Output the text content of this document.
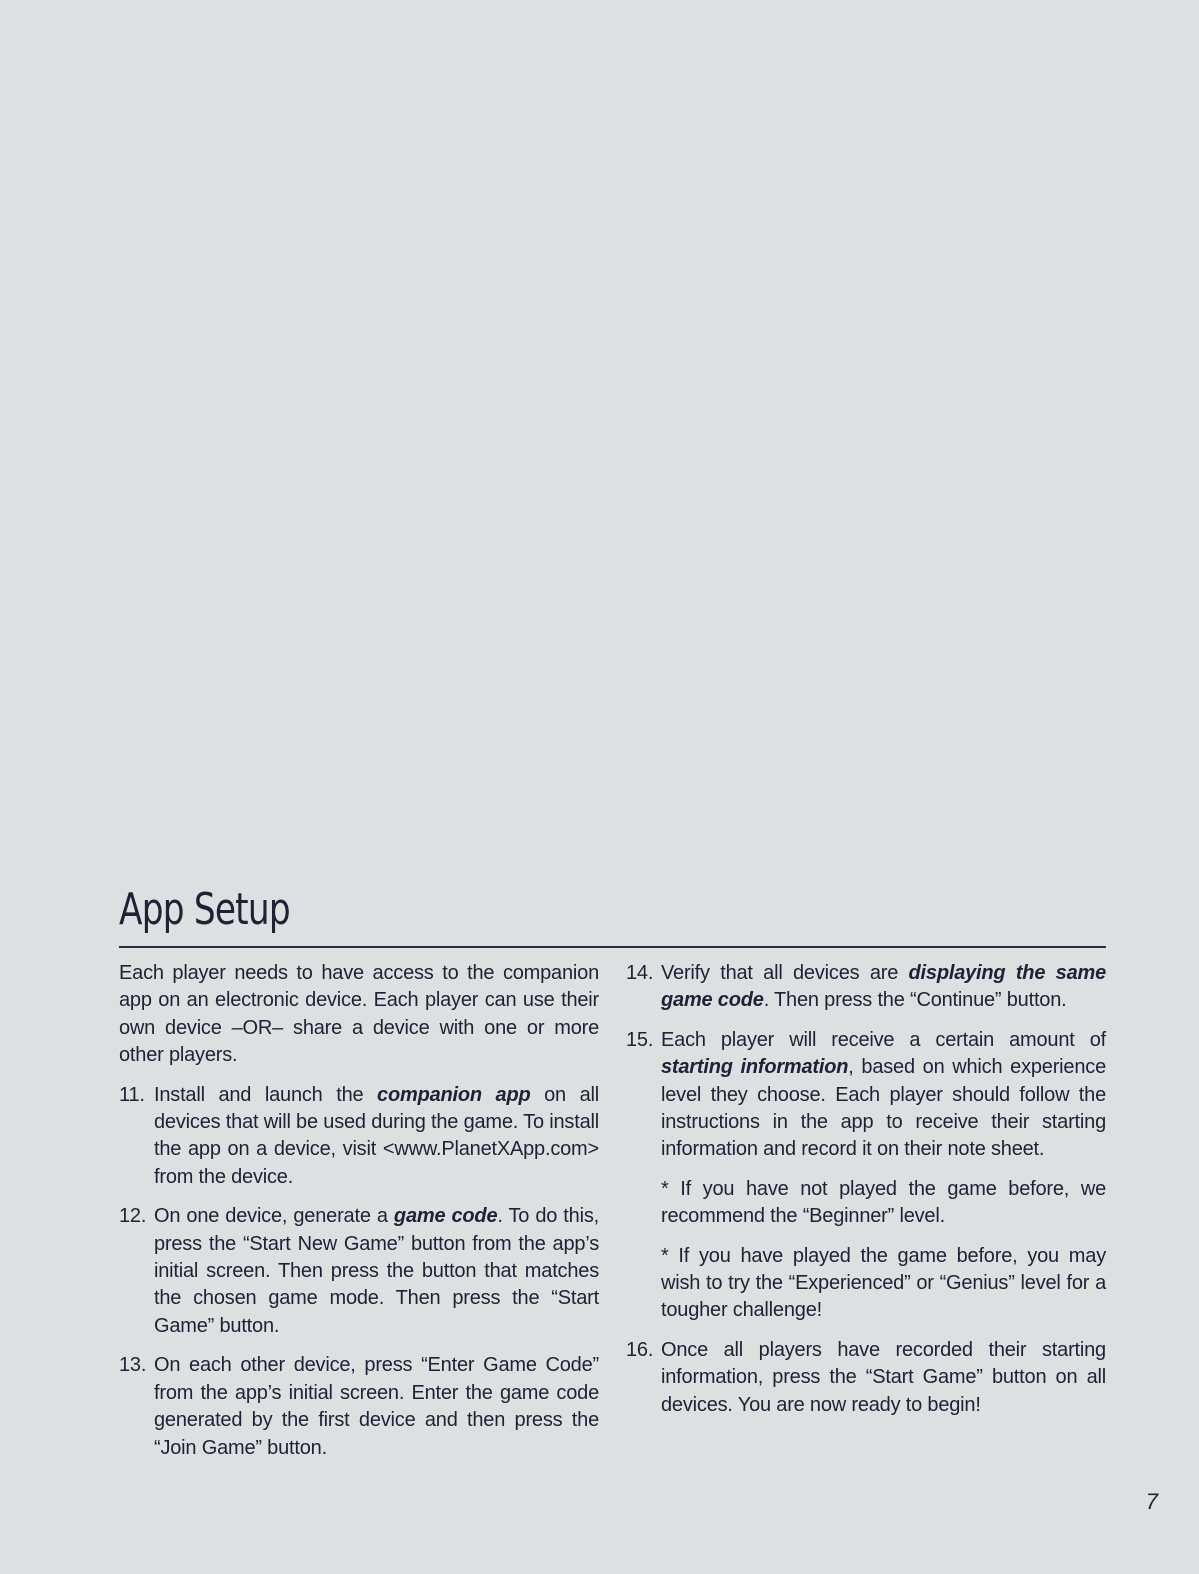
App Setup

Each player needs to have access to the companion app on an electronic device. Each player can use their own device –OR– share a device with one or more other players.

11. Install and launch the companion app on all devices that will be used during the game. To install the app on a device, visit <www.PlanetXApp.com> from the device.
12. On one device, generate a game code. To do this, press the “Start New Game” button from the app’s initial screen. Then press the button that matches the chosen game mode. Then press the “Start Game” button.
13. On each other device, press “Enter Game Code” from the app’s initial screen. Enter the game code generated by the first device and then press the “Join Game” button.
14. Verify that all devices are displaying the same game code. Then press the “Continue” button.
15. Each player will receive a certain amount of starting information, based on which experience level they choose. Each player should follow the instructions in the app to receive their starting information and record it on their note sheet.

* If you have not played the game before, we recommend the “Beginner” level.

* If you have played the game before, you may wish to try the “Experienced” or “Genius” level for a tougher challenge!

16. Once all players have recorded their starting information, press the “Start Game” button on all devices. You are now ready to begin!
7
